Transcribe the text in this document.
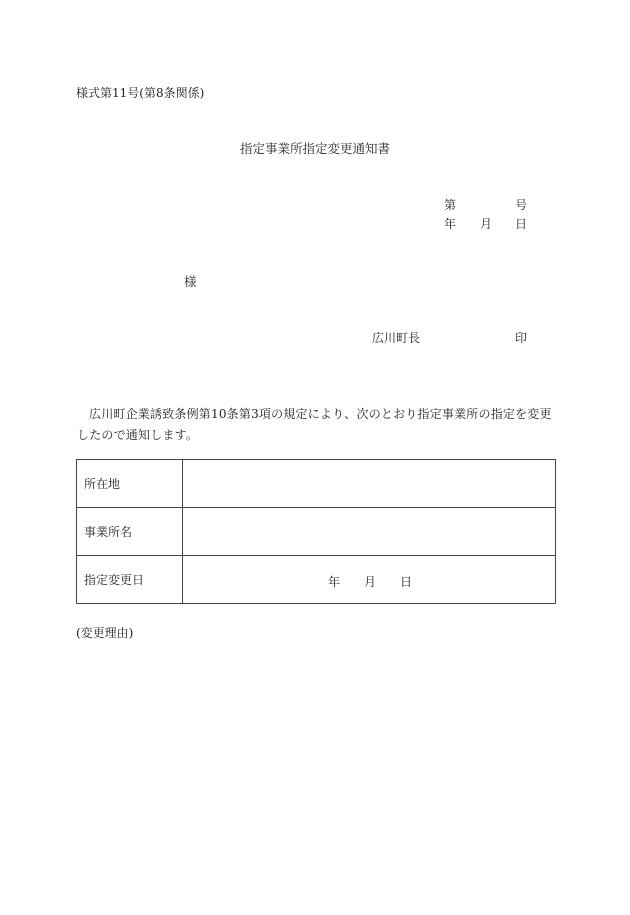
様式第11号(第8条関係)
指定事業所指定変更通知書
第	号
年 月 日
様
広川町長	印
広川町企業誘致条例第10条第3項の規定により、次のとおり指定事業所の指定を変更したので通知します。
所在地	
事業所名	
指定変更日	年 月 日
(変更理由)
